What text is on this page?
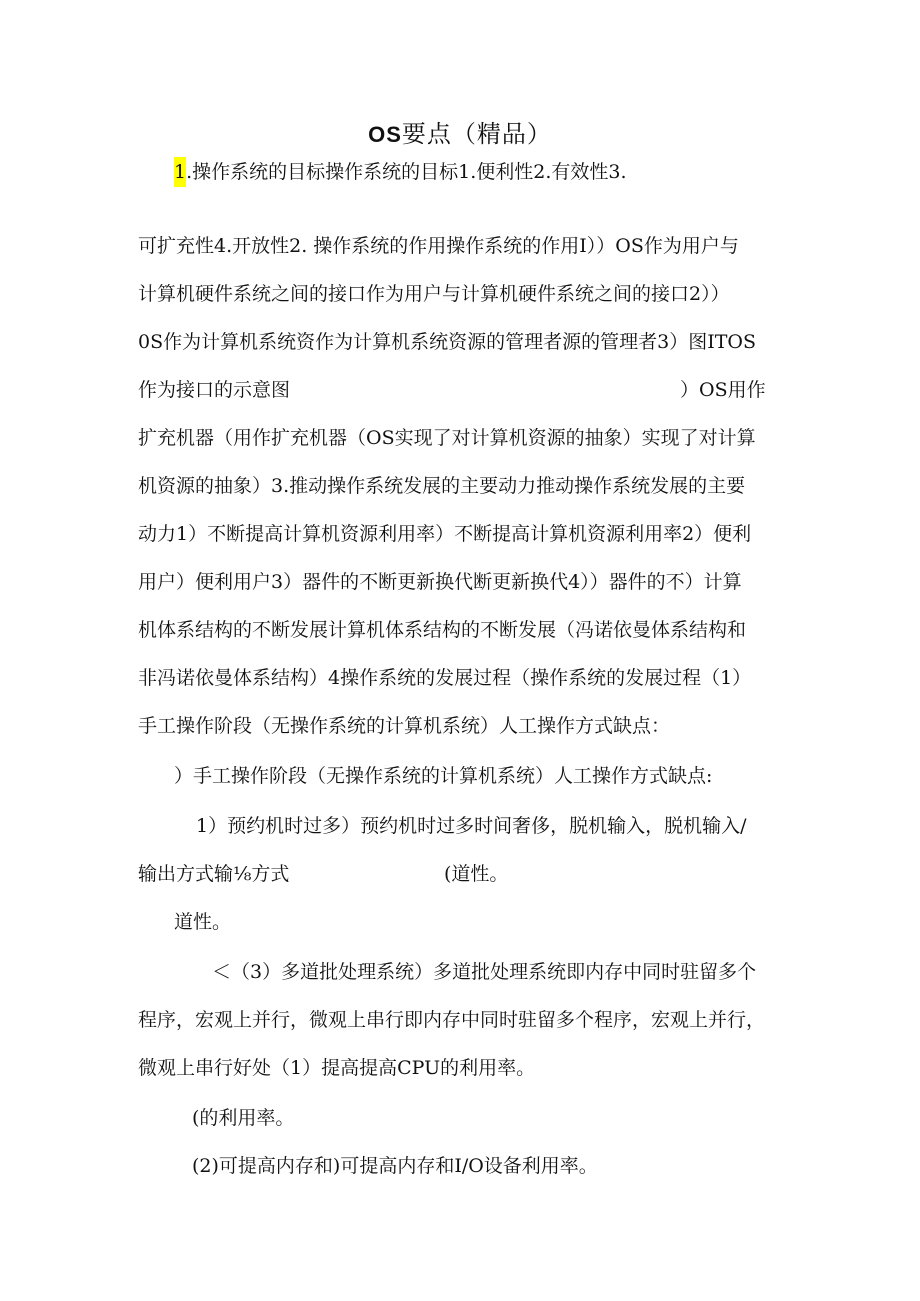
OS要点（精品）
1.操作系统的目标操作系统的目标1.便利性2.有效性3.
可扩充性4.开放性2. 操作系统的作用操作系统的作用I））OS作为用户与
计算机硬件系统之间的接口作为用户与计算机硬件系统之间的接口2））
0S作为计算机系统资作为计算机系统资源的管理者源的管理者3）图ITOS
作为接口的示意图	）OS用作
扩充机器（用作扩充机器（OS实现了对计算机资源的抽象）实现了对计算
机资源的抽象）3.推动操作系统发展的主要动力推动操作系统发展的主要
动力1）不断提高计算机资源利用率）不断提高计算机资源利用率2）便利
用户）便利用户3）器件的不断更新换代断更新换代4））器件的不）计算
机体系结构的不断发展计算机体系结构的不断发展（冯诺依曼体系结构和
非冯诺依曼体系结构）4操作系统的发展过程（操作系统的发展过程（1）
手工操作阶段（无操作系统的计算机系统）人工操作方式缺点：
）手工操作阶段（无操作系统的计算机系统）人工操作方式缺点:
1）预约机时过多）预约机时过多时间奢侈，脱机输入，脱机输入/
输出方式输⅛方式	(道性。
道性。
＜（3）多道批处理系统）多道批处理系统即内存中同时驻留多个
程序，宏观上并行，微观上串行即内存中同时驻留多个程序，宏观上并行，
微观上串行好处（1）提高提高CPU的利用率。
(的利用率。
(2)可提高内存和)可提高内存和I/O设备利用率。
